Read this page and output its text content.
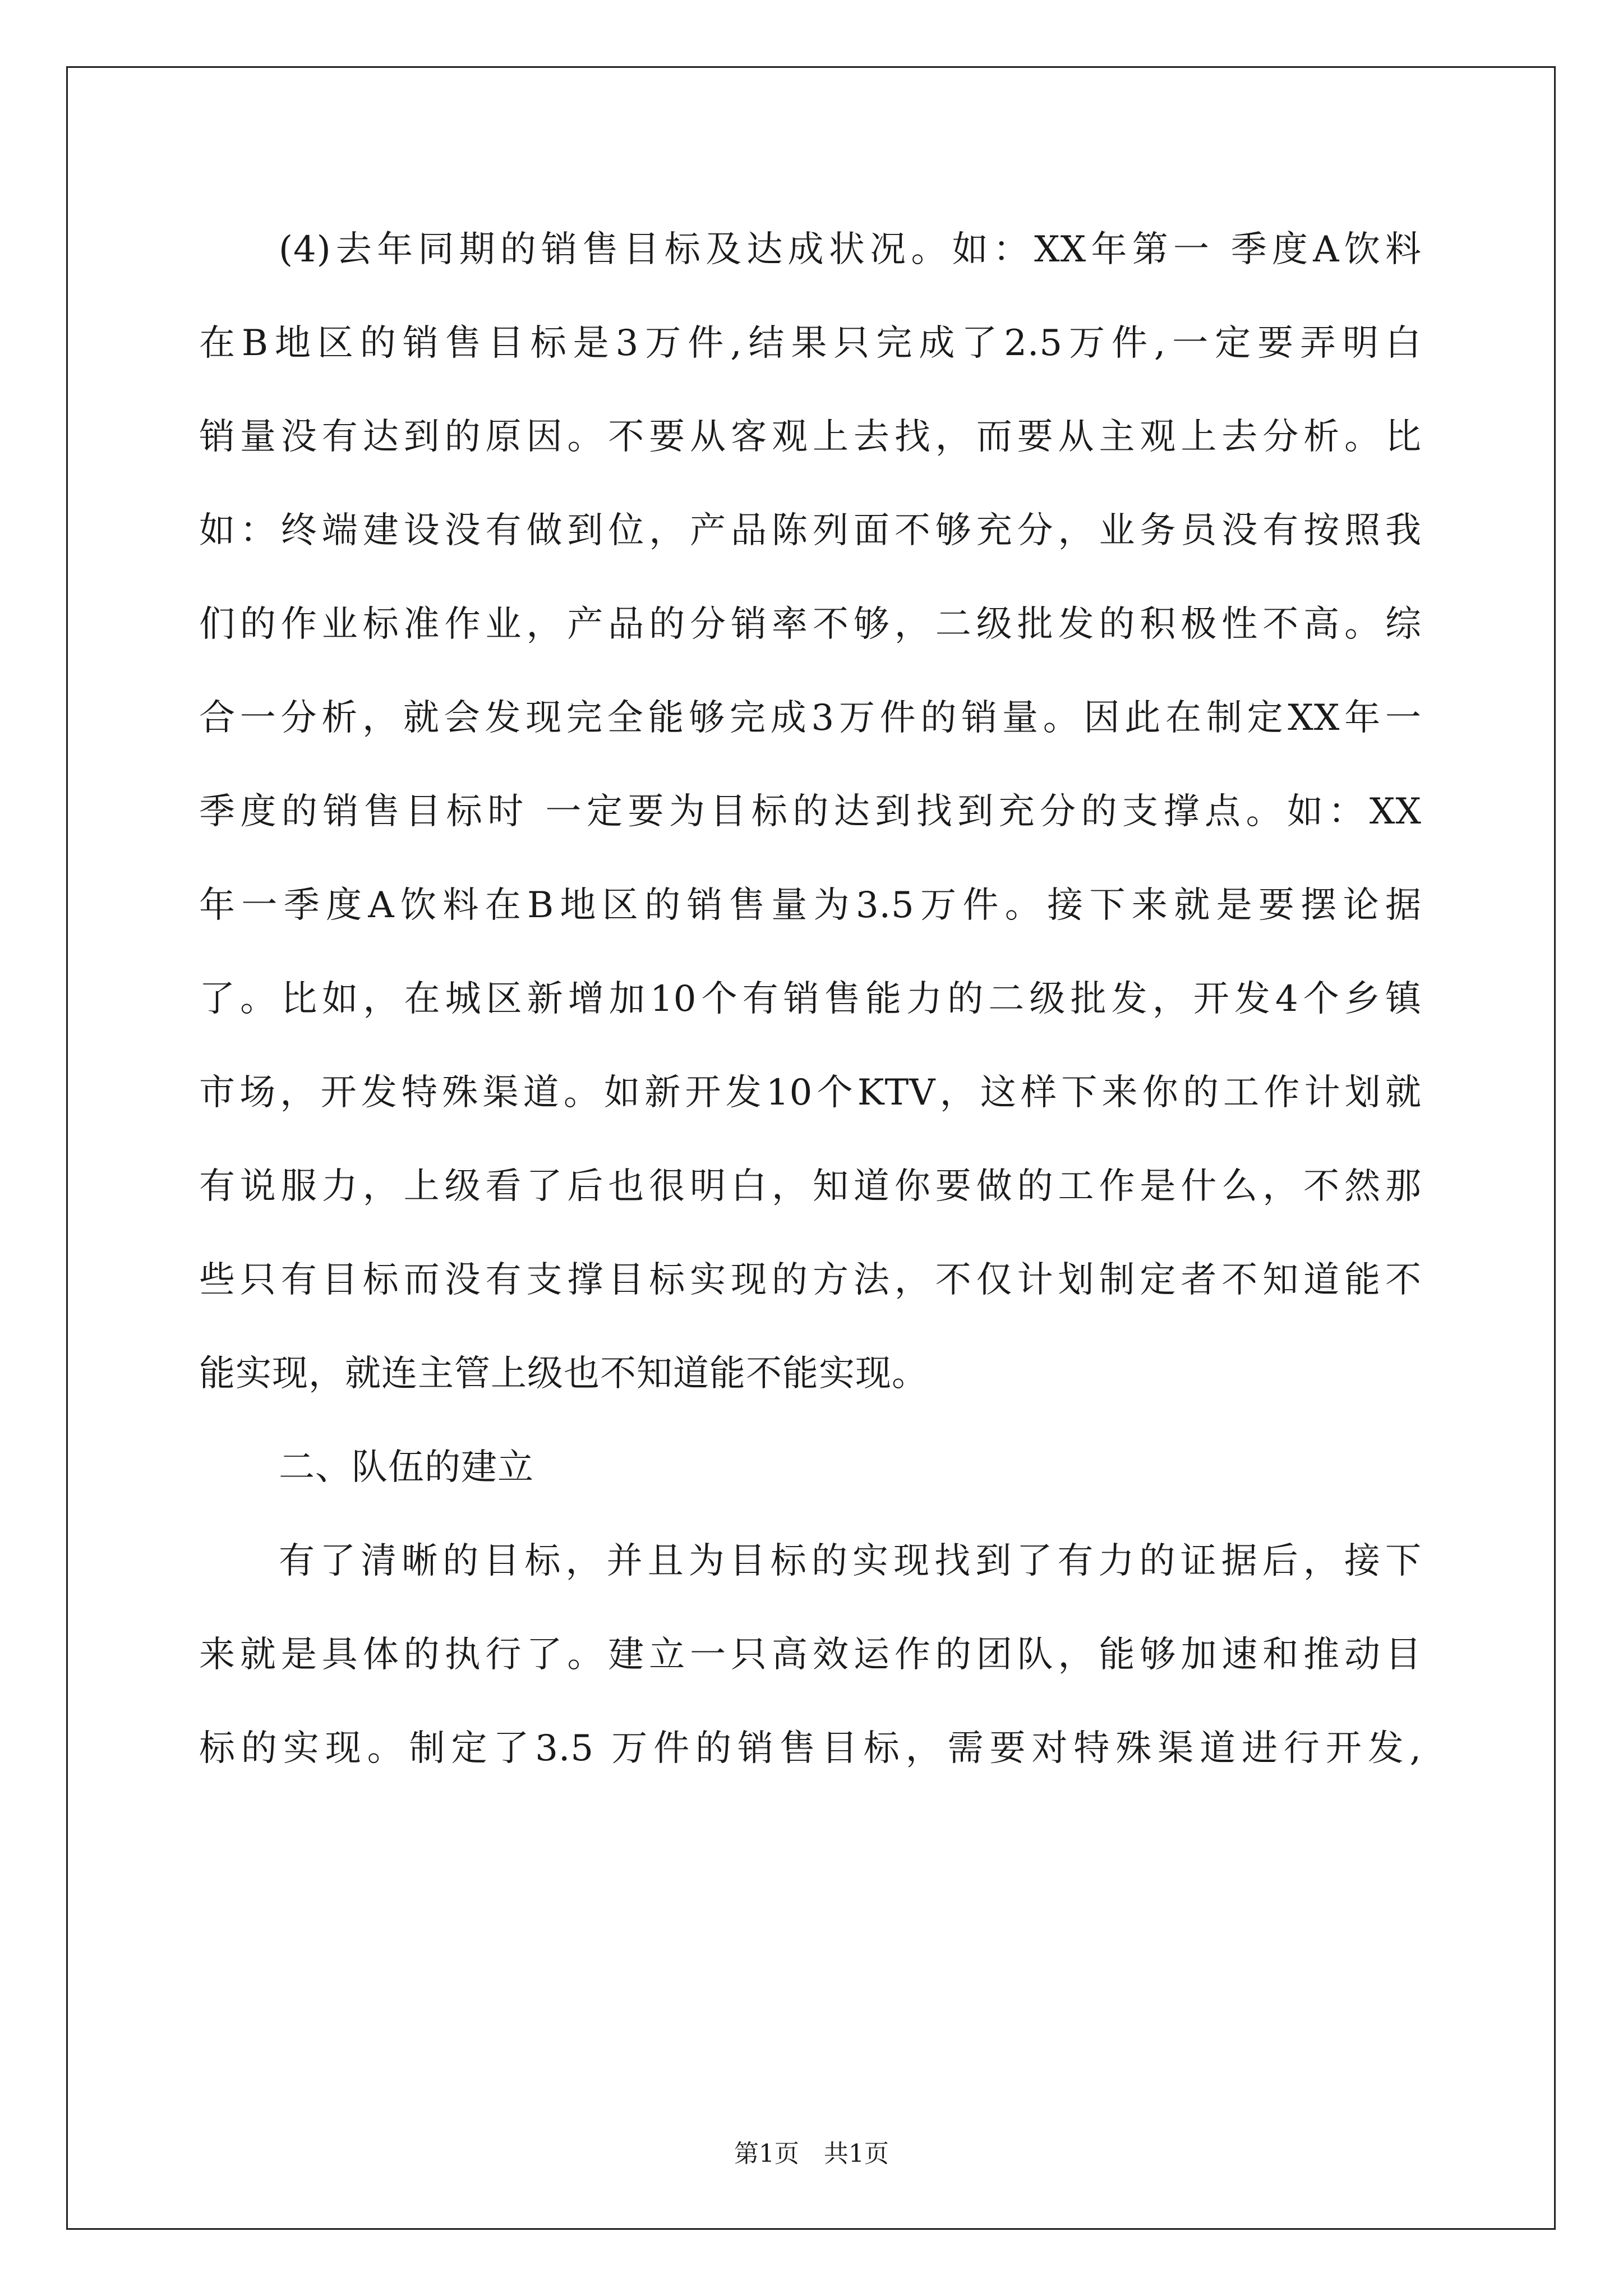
(4)去年同期的销售目标及达成状况。如：XX年第一 季度A饮料
在B地区的销售目标是3万件,结果只完成了2.5万件,一定要弄明白
销量没有达到的原因。不要从客观上去找，而要从主观上去分析。比
如：终端建设没有做到位，产品陈列面不够充分，业务员没有按照我
们的作业标准作业，产品的分销率不够，二级批发的积极性不高。综
合一分析，就会发现完全能够完成3万件的销量。因此在制定XX年一
季度的销售目标时 一定要为目标的达到找到充分的支撑点。如：XX
年一季度A饮料在B地区的销售量为3.5万件。接下来就是要摆论据
了。比如，在城区新增加10个有销售能力的二级批发，开发4个乡镇
市场，开发特殊渠道。如新开发10个KTV，这样下来你的工作计划就
有说服力，上级看了后也很明白，知道你要做的工作是什么，不然那
些只有目标而没有支撑目标实现的方法，不仅计划制定者不知道能不
能实现，就连主管上级也不知道能不能实现。
二、队伍的建立
有了清晰的目标，并且为目标的实现找到了有力的证据后，接下
来就是具体的执行了。建立一只高效运作的团队，能够加速和推动目
标的实现。制定了3.5 万件的销售目标，需要对特殊渠道进行开发,
第1页　共1页
